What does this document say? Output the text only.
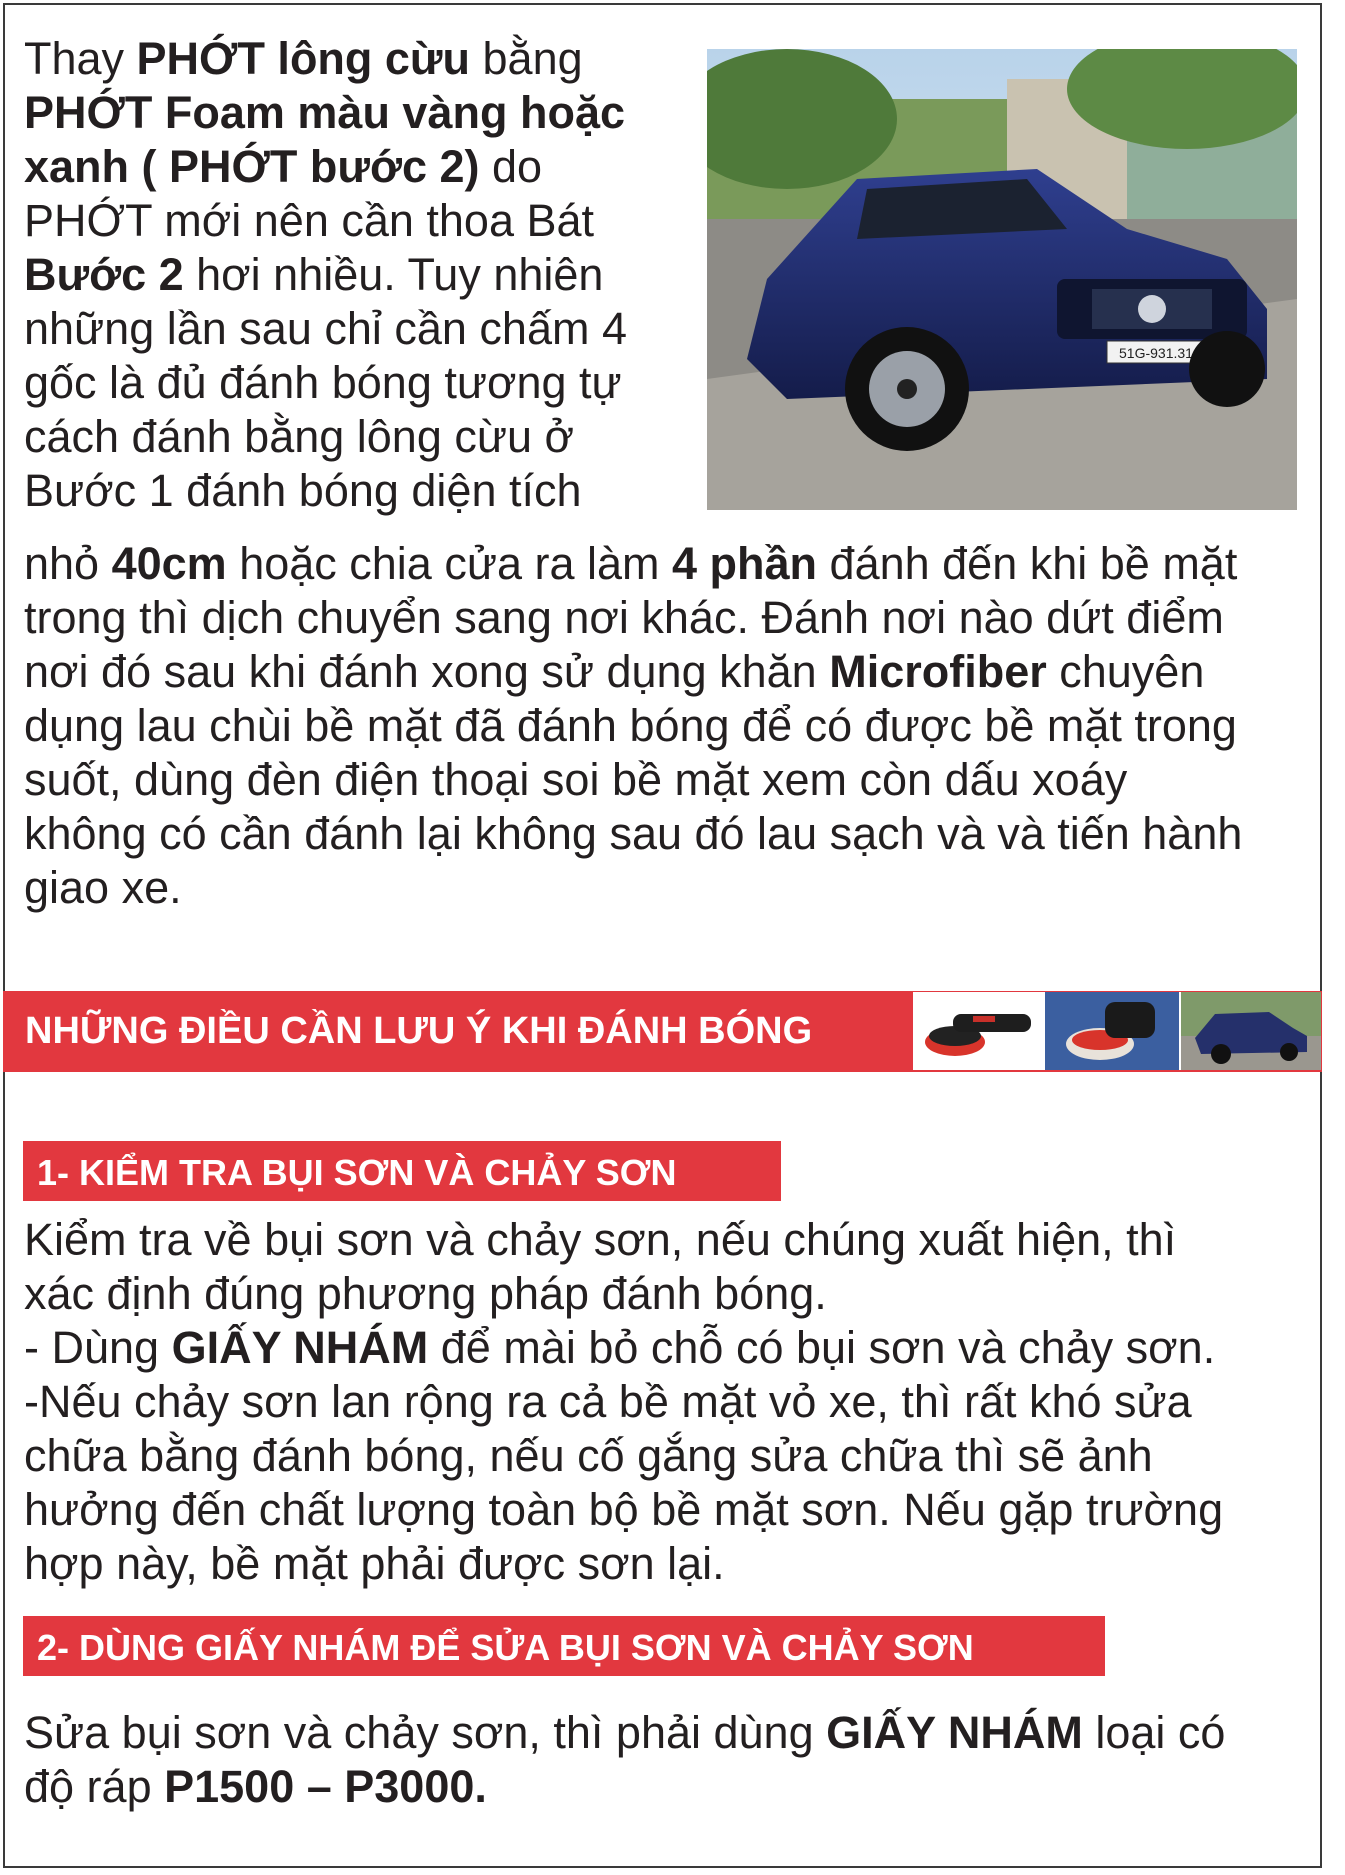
Thay PHỚT lông cừu bằng
PHỚT Foam màu vàng hoặc
xanh ( PHỚT bước 2) do
PHỚT mới nên cần thoa Bát
Bước 2 hơi nhiều. Tuy nhiên
những lần sau chỉ cần chấm 4
gốc là đủ đánh bóng tương tự
cách đánh bằng lông cừu ở
Bước 1 đánh bóng diện tích
51G-931.31
nhỏ 40cm hoặc chia cửa ra làm 4 phần đánh đến khi bề mặt
trong thì dịch chuyển sang nơi khác. Đánh nơi nào dứt điểm
nơi đó sau khi đánh xong sử dụng khăn Microfiber chuyên
dụng lau chùi bề mặt đã đánh bóng để có được bề mặt trong
suốt, dùng đèn điện thoại soi bề mặt xem còn dấu xoáy
không có cần đánh lại không sau đó lau sạch và và tiến hành
giao xe.
NHỮNG ĐIỀU CẦN LƯU Ý KHI ĐÁNH BÓNG
1- KIỂM TRA BỤI SƠN VÀ CHẢY SƠN
Kiểm tra về bụi sơn và chảy sơn, nếu chúng xuất hiện, thì
xác định đúng phương pháp đánh bóng.
- Dùng GIẤY NHÁM để mài bỏ chỗ có bụi sơn và chảy sơn.
-Nếu chảy sơn lan rộng ra cả bề mặt vỏ xe, thì rất khó sửa
chữa bằng đánh bóng, nếu cố gắng sửa chữa thì sẽ ảnh
hưởng đến chất lượng toàn bộ bề mặt sơn. Nếu gặp trường
hợp này, bề mặt phải được sơn lại.
2- DÙNG GIẤY NHÁM ĐỂ SỬA BỤI SƠN VÀ CHẢY SƠN
Sửa bụi sơn và chảy sơn, thì phải dùng GIẤY NHÁM loại có
độ ráp P1500 – P3000.
